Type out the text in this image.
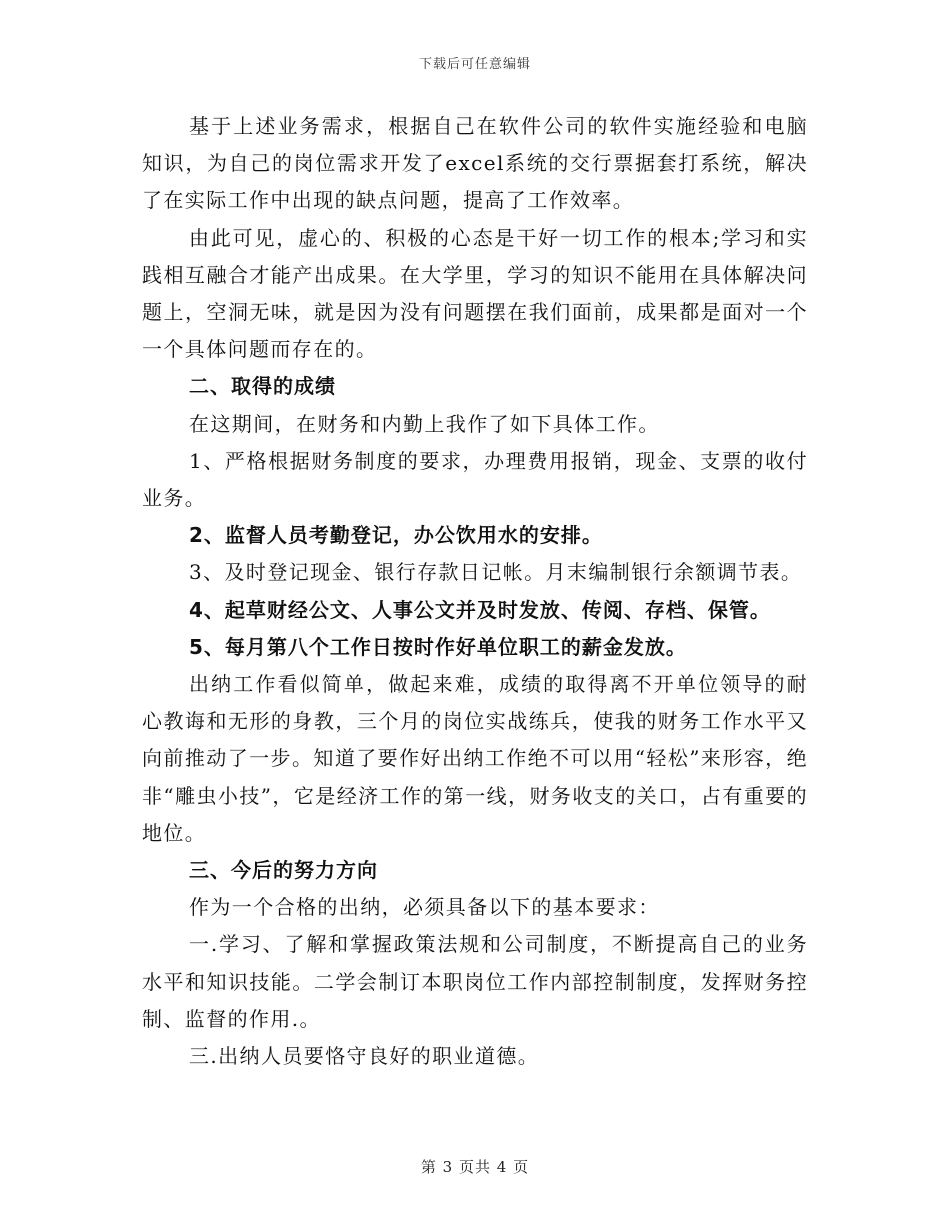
下载后可任意编辑

基于上述业务需求，根据自己在软件公司的软件实施经验和电脑知识，为自己的岗位需求开发了excel系统的交行票据套打系统，解决了在实际工作中出现的缺点问题，提高了工作效率。

由此可见，虚心的、积极的心态是干好一切工作的根本;学习和实践相互融合才能产出成果。在大学里，学习的知识不能用在具体解决问题上，空洞无味，就是因为没有问题摆在我们面前，成果都是面对一个一个具体问题而存在的。

二、取得的成绩

在这期间，在财务和内勤上我作了如下具体工作。

1、严格根据财务制度的要求，办理费用报销，现金、支票的收付业务。

2、监督人员考勤登记，办公饮用水的安排。

3、及时登记现金、银行存款日记帐。月末编制银行余额调节表。

4、起草财经公文、人事公文并及时发放、传阅、存档、保管。

5、每月第八个工作日按时作好单位职工的薪金发放。

出纳工作看似简单，做起来难，成绩的取得离不开单位领导的耐心教诲和无形的身教，三个月的岗位实战练兵，使我的财务工作水平又向前推动了一步。知道了要作好出纳工作绝不可以用“轻松”来形容，绝非“雕虫小技”，它是经济工作的第一线，财务收支的关口，占有重要的地位。

三、今后的努力方向

作为一个合格的出纳，必须具备以下的基本要求：

一.学习、了解和掌握政策法规和公司制度，不断提高自己的业务水平和知识技能。二学会制订本职岗位工作内部控制制度，发挥财务控制、监督的作用.。

三.出纳人员要恪守良好的职业道德。

第 3 页共 4 页
